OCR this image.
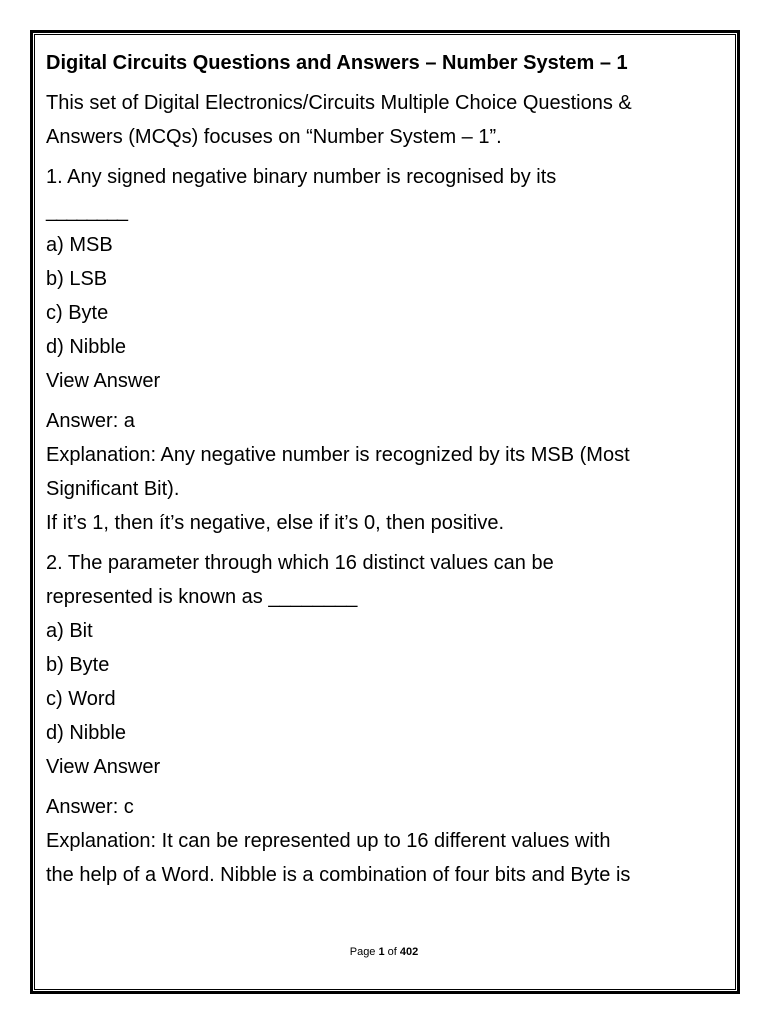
Digital Circuits Questions and Answers – Number System – 1
This set of Digital Electronics/Circuits Multiple Choice Questions &
Answers (MCQs) focuses on “Number System – 1”.
1. Any signed negative binary number is recognised by its
________
a) MSB
b) LSB
c) Byte
d) Nibble
View Answer
Answer: a
Explanation: Any negative number is recognized by its MSB (Most
Significant Bit).
If it’s 1, then ít’s negative, else if it’s 0, then positive.
2. The parameter through which 16 distinct values can be
represented is known as ________
a) Bit
b) Byte
c) Word
d) Nibble
View Answer
Answer: c
Explanation: It can be represented up to 16 different values with
the help of a Word. Nibble is a combination of four bits and Byte is
Page 1 of 402
